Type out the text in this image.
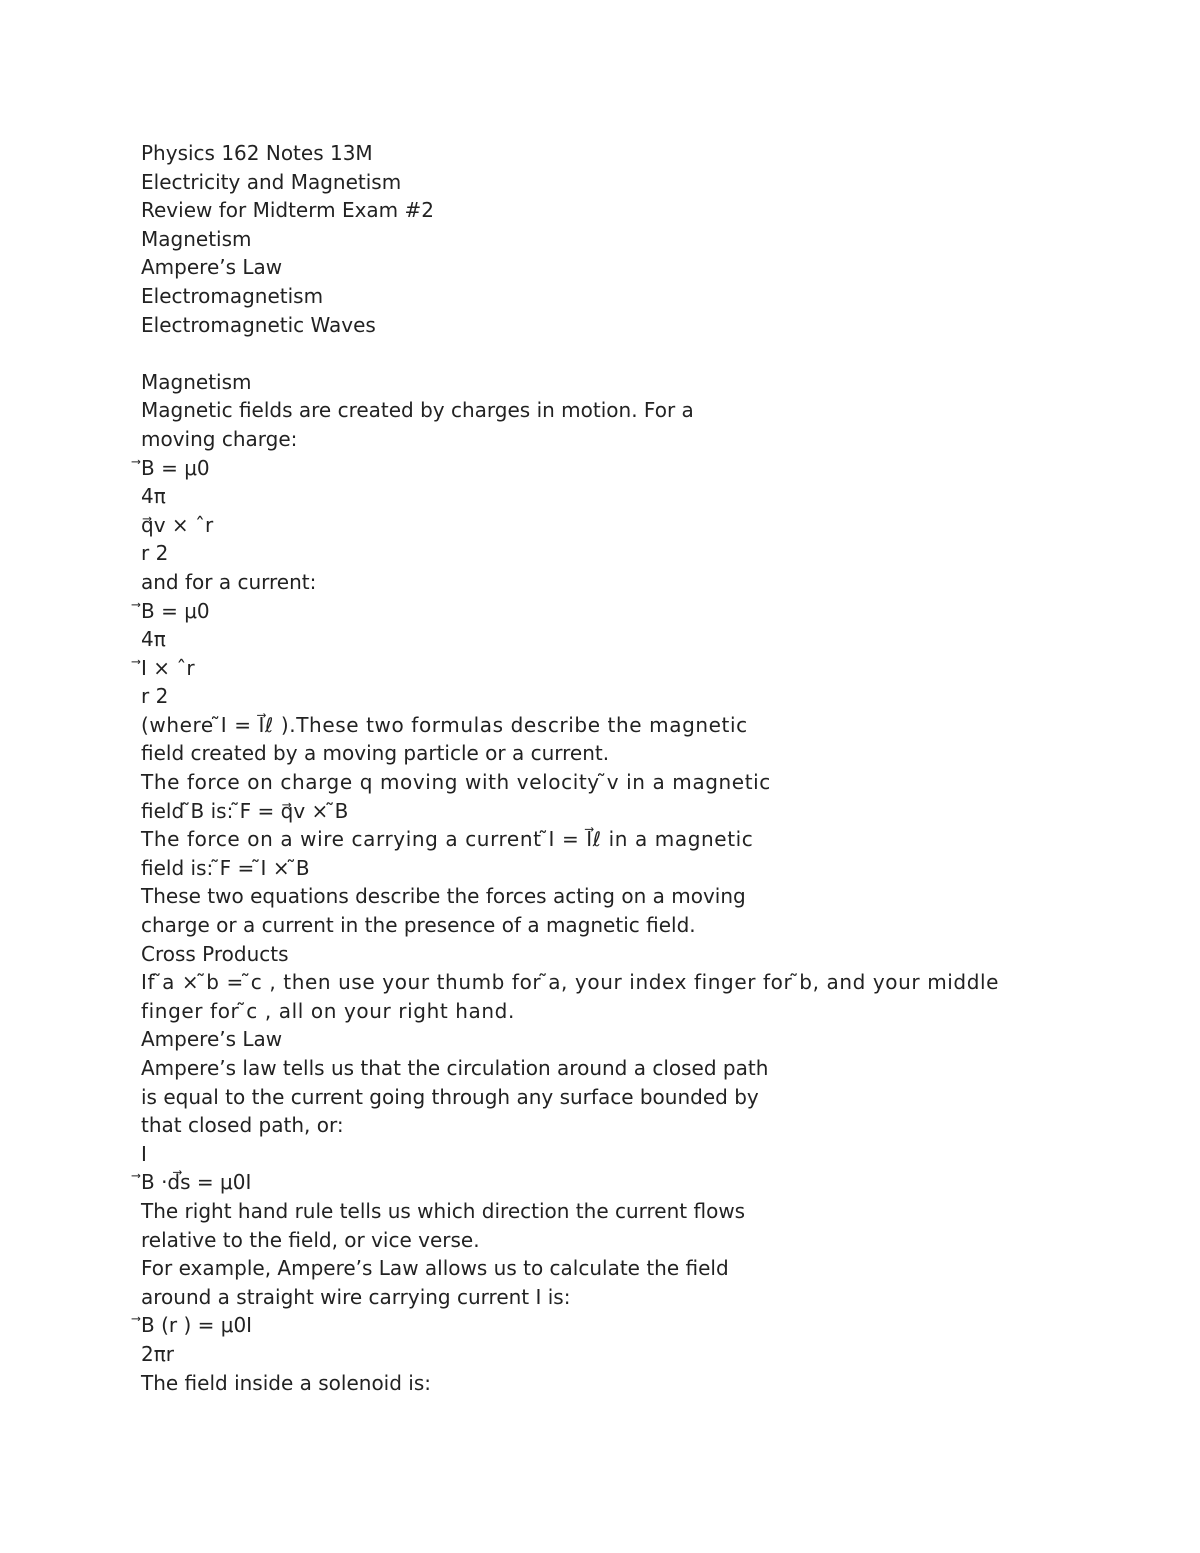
Physics 162 Notes 13M
Electricity and Magnetism
Review for Midterm Exam #2
Magnetism
Ampere’s Law
Electromagnetism
Electromagnetic Waves
Magnetism
Magnetic fields are created by charges in motion. For a
moving charge:
⃗B = μ0
4π
q⃗v × ˆr
r 2
and for a current:
⃗B = μ0
4π
⃗I × ˆr
r 2
(where ̃I = I⃗ℓ ).These two formulas describe the magnetic
field created by a moving particle or a current.
The force on charge q moving with velocity ̃v in a magnetic
field ̃B is: ̃F = q⃗v × ̃B
The force on a wire carrying a current ̃I = I⃗ℓ in a magnetic
field is: ̃F = ̃I × ̃B
These two equations describe the forces acting on a moving
charge or a current in the presence of a magnetic field.
Cross Products
If ̃a × ̃b = ̃c , then use your thumb for ̃a, your index finger for ̃b, and your middle
finger for ̃c , all on your right hand.
Ampere’s Law
Ampere’s law tells us that the circulation around a closed path
is equal to the current going through any surface bounded by
that closed path, or:
I
⃗B ·d⃗s = μ0I
The right hand rule tells us which direction the current flows
relative to the field, or vice verse.
For example, Ampere’s Law allows us to calculate the field
around a straight wire carrying current I is:
⃗B (r ) = μ0I
2πr
The field inside a solenoid is:
